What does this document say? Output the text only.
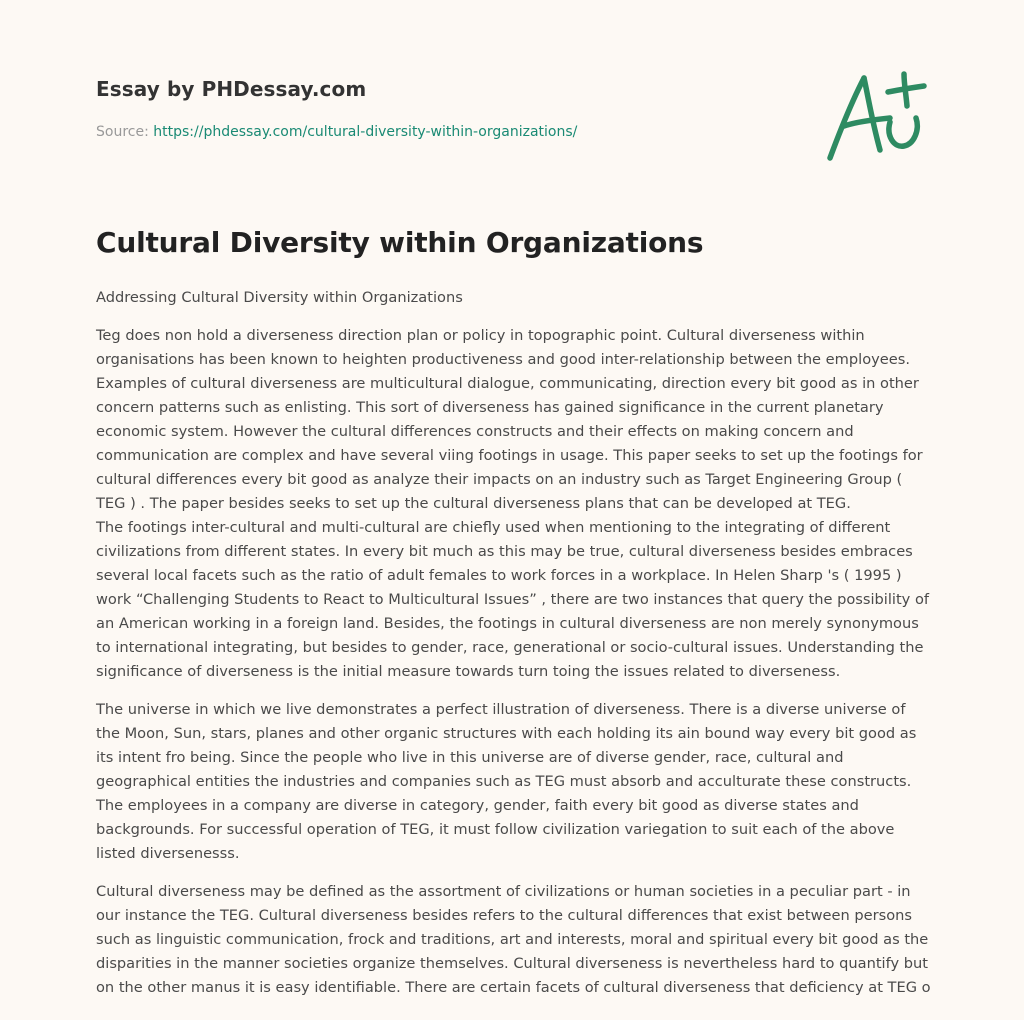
Essay by PHDessay.com
Source: https://phdessay.com/cultural-diversity-within-organizations/
Cultural Diversity within Organizations

Addressing Cultural Diversity within Organizations

Teg does non hold a diverseness direction plan or policy in topographic point. Cultural diverseness within organisations has been known to heighten productiveness and good inter-relationship between the employees. Examples of cultural diverseness are multicultural dialogue, communicating, direction every bit good as in other concern patterns such as enlisting. This sort of diverseness has gained significance in the current planetary economic system. However the cultural differences constructs and their effects on making concern and communication are complex and have several viing footings in usage. This paper seeks to set up the footings for cultural differences every bit good as analyze their impacts on an industry such as Target Engineering Group ( TEG ) . The paper besides seeks to set up the cultural diverseness plans that can be developed at TEG.

The footings inter-cultural and multi-cultural are chiefly used when mentioning to the integrating of different civilizations from different states. In every bit much as this may be true, cultural diverseness besides embraces several local facets such as the ratio of adult females to work forces in a workplace. In Helen Sharp 's ( 1995 ) work “Challenging Students to React to Multicultural Issues” , there are two instances that query the possibility of an American working in a foreign land. Besides, the footings in cultural diverseness are non merely synonymous to international integrating, but besides to gender, race, generational or socio-cultural issues. Understanding the significance of diverseness is the initial measure towards turn toing the issues related to diverseness.

The universe in which we live demonstrates a perfect illustration of diverseness. There is a diverse universe of the Moon, Sun, stars, planes and other organic structures with each holding its ain bound way every bit good as its intent fro being. Since the people who live in this universe are of diverse gender, race, cultural and geographical entities the industries and companies such as TEG must absorb and acculturate these constructs. The employees in a company are diverse in category, gender, faith every bit good as diverse states and backgrounds. For successful operation of TEG, it must follow civilization variegation to suit each of the above listed diversenesss.

Cultural diverseness may be defined as the assortment of civilizations or human societies in a peculiar part - in our instance the TEG. Cultural diverseness besides refers to the cultural differences that exist between persons such as linguistic communication, frock and traditions, art and interests, moral and spiritual every bit good as the disparities in the manner societies organize themselves. Cultural diverseness is nevertheless hard to quantify but on the other manus it is easy identifiable. There are certain facets of cultural diverseness that deficiency at TEG o
